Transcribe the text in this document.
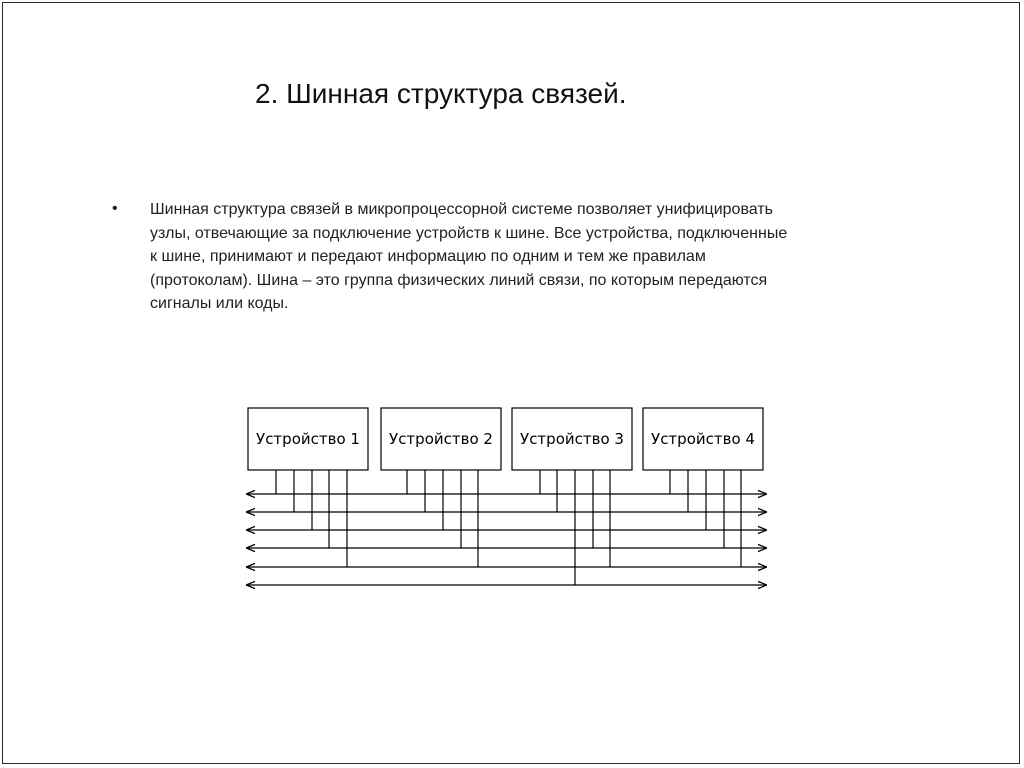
2. Шинная структура связей.
• Шинная структура связей в микропроцессорной системе позволяет унифицировать
узлы, отвечающие за подключение устройств к шине. Все устройства, подключенные
к шине, принимают и передают информацию по одним и тем же правилам
(протоколам). Шина – это группа физических линий связи, по которым передаются
сигналы или коды.
Устройство 1 Устройство 2 Устройство 3 Устройство 4
